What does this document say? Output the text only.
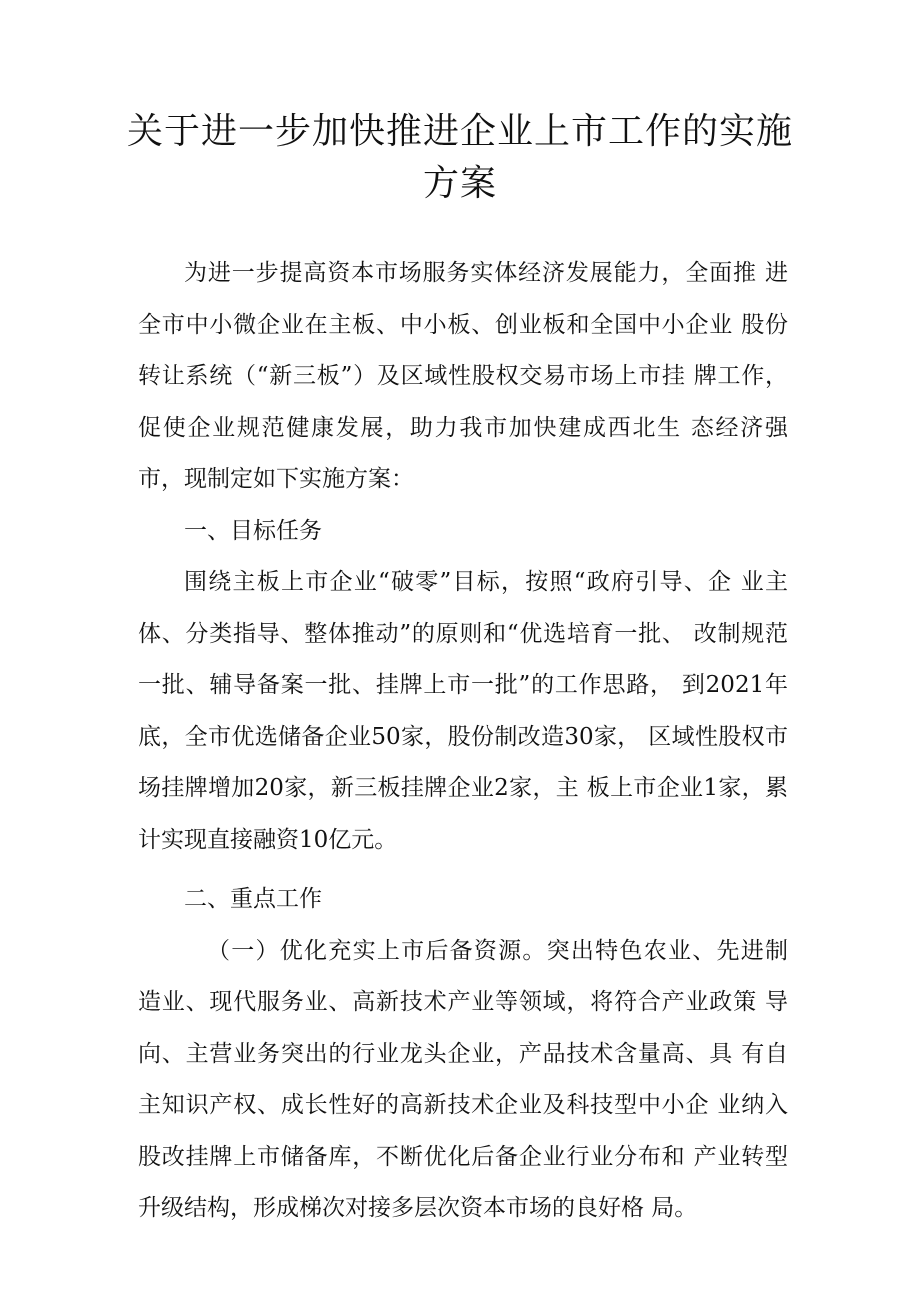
关于进一步加快推进企业上市工作的实施
方案

为进一步提高资本市场服务实体经济发展能力，全面推 进全市中小微企业在主板、中小板、创业板和全国中小企业 股份转让系统（“新三板”）及区域性股权交易市场上市挂 牌工作，促使企业规范健康发展，助力我市加快建成西北生 态经济强市，现制定如下实施方案：

一、目标任务

围绕主板上市企业“破零”目标，按照“政府引导、企 业主体、分类指导、整体推动”的原则和“优选培育一批、 改制规范一批、辅导备案一批、挂牌上市一批”的工作思路， 到2021年底，全市优选储备企业50家，股份制改造30家， 区域性股权市场挂牌增加20家，新三板挂牌企业2家，主 板上市企业1家，累计实现直接融资10亿元。

二、重点工作

（一）优化充实上市后备资源。突出特色农业、先进制 造业、现代服务业、高新技术产业等领域，将符合产业政策 导向、主营业务突出的行业龙头企业，产品技术含量高、具 有自主知识产权、成长性好的高新技术企业及科技型中小企 业纳入股改挂牌上市储备库，不断优化后备企业行业分布和 产业转型升级结构，形成梯次对接多层次资本市场的良好格 局。
